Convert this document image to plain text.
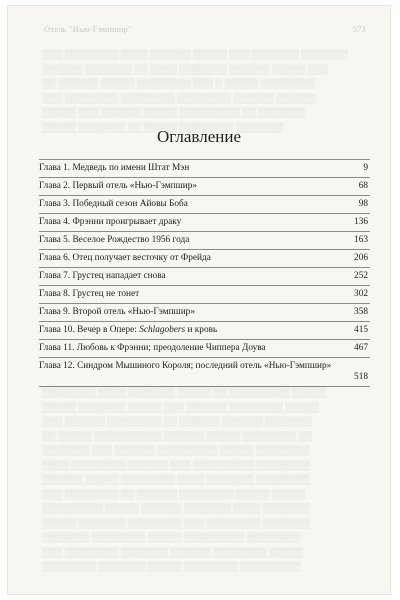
Отель "Нью-Гэмпшир"	573
▒▒▒ ▒▒▒▒▒▒▒▒ ▒▒▒▒ ▒▒▒▒▒▒ ▒▒▒▒▒ ▒▒▒ ▒▒▒▒▒▒▒ ▒▒▒▒▒▒▒
▒▒▒▒▒▒ ▒▒▒▒▒▒▒ ▒▒ ▒▒▒▒ ▒▒▒▒▒▒▒ ▒▒▒▒▒▒ ▒▒▒▒▒ ▒▒▒
▒▒ ▒▒▒▒▒▒ ▒▒▒▒▒ ▒▒▒▒▒▒▒▒ ▒▒▒ ▒ ▒▒▒▒▒ ▒▒▒▒▒▒▒▒
▒▒▒ ▒▒▒▒▒▒▒▒ ▒▒▒▒▒▒▒▒ ▒▒▒▒▒▒▒▒ ▒▒▒▒▒▒ ▒▒▒▒▒▒
▒▒▒▒▒ ▒▒▒ ▒▒▒▒▒▒ ▒▒▒▒▒ ▒▒▒▒▒▒▒▒▒ ▒▒ ▒▒▒▒▒▒▒
▒▒▒▒▒ ▒▒▒▒▒▒▒ ▒▒ ▒▒▒▒▒ ▒▒▒▒▒▒▒▒ ▒▒▒▒▒▒▒
Оглавление
Глава 1. Медведь по имени Штат Мэн	9
Глава 2. Первый отель «Нью-Гэмпшир»	68
Глава 3. Победный сезон Айовы Боба	98
Глава 4. Фрэнни проигрывает драку	136
Глава 5. Веселое Рождество 1956 года	163
Глава 6. Отец получает весточку от Фрейда	206
Глава 7. Грустец нападает снова	252
Глава 8. Грустец не тонет	302
Глава 9. Второй отель «Нью-Гэмпшир»	358
Глава 10. Вечер в Опере: Schlagobers и кровь	415
Глава 11. Любовь к Фрэнни; преодоление Чиппера Доува	467
Глава 12. Синдром Мышиного Короля; последний отель «Нью-Гэмпшир»
518
▒▒▒▒▒▒▒▒ ▒▒▒▒ ▒▒▒▒▒▒▒ ▒▒▒▒▒ ▒▒ ▒▒▒▒▒▒▒▒▒ ▒▒▒▒▒
▒▒▒▒▒ ▒▒▒▒▒▒▒ ▒▒▒▒▒ ▒▒▒ ▒▒▒▒▒▒ ▒▒▒▒▒▒▒▒ ▒▒▒▒▒
▒▒▒ ▒▒▒▒▒▒ ▒▒▒▒▒▒▒▒ ▒▒ ▒▒▒▒▒▒ ▒▒▒▒▒▒ ▒▒▒▒▒▒▒
▒▒ ▒▒▒▒▒ ▒▒▒▒▒▒▒▒▒▒ ▒▒▒▒▒▒ ▒▒▒▒▒ ▒▒▒▒▒▒▒▒ ▒▒
▒▒▒▒▒▒▒ ▒▒▒ ▒▒▒▒▒▒ ▒▒▒▒▒▒▒▒▒ ▒▒▒▒▒ ▒▒▒▒▒▒▒▒
▒▒▒▒ ▒▒▒▒▒▒▒▒ ▒▒▒▒▒▒ ▒▒▒ ▒▒▒▒▒▒▒▒▒ ▒▒▒▒▒▒▒▒
▒▒▒▒▒▒ ▒▒▒▒▒ ▒▒▒▒▒▒▒▒ ▒▒▒▒ ▒▒▒▒▒▒▒ ▒▒▒▒▒▒▒▒
▒▒▒ ▒▒▒▒▒▒▒▒ ▒▒ ▒▒▒▒▒▒ ▒▒▒▒▒▒▒▒ ▒▒▒▒▒ ▒▒▒▒▒
▒▒▒▒▒▒▒▒▒ ▒▒▒▒▒ ▒▒▒▒▒▒ ▒▒▒▒▒▒▒ ▒▒▒▒ ▒▒▒▒▒▒▒
▒▒▒▒▒ ▒▒▒▒▒▒▒ ▒▒▒▒▒▒▒▒ ▒▒▒ ▒▒▒▒▒▒▒▒ ▒▒▒▒▒▒▒
▒▒▒▒▒▒▒ ▒▒▒▒▒▒▒▒ ▒▒▒▒▒ ▒▒▒▒▒▒▒▒▒ ▒▒▒▒▒▒▒▒
▒▒▒ ▒▒▒▒▒▒▒▒ ▒▒▒▒▒▒▒ ▒▒▒▒▒▒ ▒▒▒▒▒▒▒▒ ▒▒▒▒▒
▒▒▒▒▒▒▒▒ ▒▒▒▒▒▒▒ ▒▒▒▒▒ ▒▒▒▒▒▒▒▒ ▒▒▒▒▒▒▒▒▒
